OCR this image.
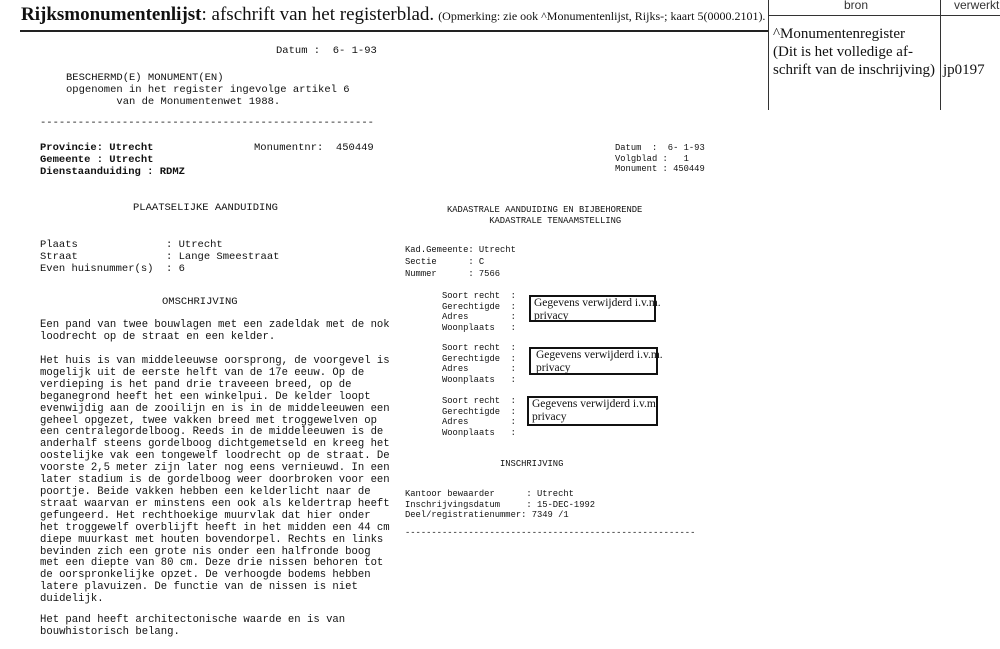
Rijksmonumentenlijst: afschrift van het registerblad. (Opmerking: zie ook ^Monumentenlijst, Rijks-; kaart 5(0000.2101).
bron	verwerkt
^Monumentenregister
(Dit is het volledige af-
schrift van de inschrijving) jp0197
Datum :  6- 1-93
BESCHERMD(E) MONUMENT(EN)
opgenomen in het register ingevolge artikel 6
van de Monumentenwet 1988.
-----------------------------------------------------
Provincie: Utrecht	Monumentnr:  450449
Gemeente : Utrecht
Dienstaanduiding : RDMZ
PLAATSELIJKE AANDUIDING
Plaats              : Utrecht
Straat              : Lange Smeestraat
Even huisnummer(s)  : 6
OMSCHRIJVING
Een pand van twee bouwlagen met een zadeldak met de nok
loodrecht op de straat en een kelder.
Het huis is van middeleeuwse oorsprong, de voorgevel is
mogelijk uit de eerste helft van de 17e eeuw. Op de
verdieping is het pand drie traveeen breed, op de
beganegrond heeft het een winkelpui. De kelder loopt
evenwijdig aan de zooilijn en is in de middeleeuwen een
geheel opgezet, twee vakken breed met troggewelven op
een centralegordelboog. Reeds in de middeleeuwen is de
anderhalf steens gordelboog dichtgemetseld en kreeg het
oostelijke vak een tongewelf loodrecht op de straat. De
voorste 2,5 meter zijn later nog eens vernieuwd. In een
later stadium is de gordelboog weer doorbroken voor een
poortje. Beide vakken hebben een kelderlicht naar de
straat waarvan er minstens een ook als keldertrap heeft
gefungeerd. Het rechthoekige muurvlak dat hier onder
het troggewelf overblijft heeft in het midden een 44 cm
diepe muurkast met houten bovendorpel. Rechts en links
bevinden zich een grote nis onder een halfronde boog
met een diepte van 80 cm. Deze drie nissen behoren tot
de oorspronkelijke opzet. De verhoogde bodems hebben
latere plavuizen. De functie van de nissen is niet
duidelijk.
Het pand heeft architectonische waarde en is van
bouwhistorisch belang.
Datum  :  6- 1-93
Volgblad :   1
Monument : 450449
KADASTRALE AANDUIDING EN BIJBEHORENDE
KADASTRALE TENAAMSTELLING
Kad.Gemeente: Utrecht
Sectie      : C
Nummer      : 7566
Soort recht  :
Gerechtigde  :
Adres        :
Woonplaats   :
Gegevens verwijderd i.v.m.
privacy
Soort recht  :
Gerechtigde  :
Adres        :
Woonplaats   :
Gegevens verwijderd i.v.m.
privacy
Soort recht  :
Gerechtigde  :
Adres        :
Woonplaats   :
Gegevens verwijderd i.v.m.
privacy
INSCHRIJVING
Kantoor bewaarder      : Utrecht
Inschrijvingsdatum     : 15-DEC-1992
Deel/registratienummer: 7349 /1
-------------------------------------------------------
